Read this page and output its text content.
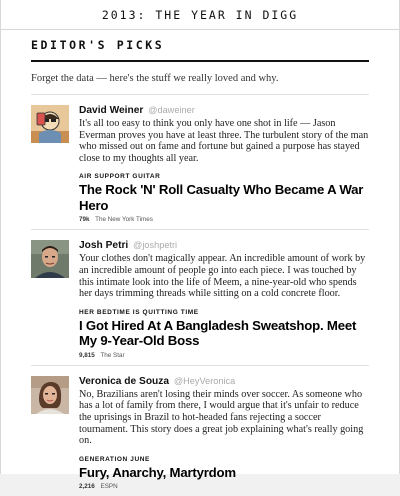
2013: THE YEAR IN DIGG
EDITOR'S PICKS
Forget the data — here's the stuff we really loved and why.
David Weiner @daweiner
It's all too easy to think you only have one shot in life — Jason Everman proves you have at least three. The turbulent story of the man who missed out on fame and fortune but gained a purpose has stayed close to my thoughts all year.
AIR SUPPORT GUITAR
The Rock 'N' Roll Casualty Who Became A War Hero
79k The New York Times
Josh Petri @joshpetri
Your clothes don't magically appear. An incredible amount of work by an incredible amount of people go into each piece. I was touched by this intimate look into the life of Meem, a nine-year-old who spends her days trimming threads while sitting on a cold concrete floor.
HER BEDTIME IS QUITTING TIME
I Got Hired At A Bangladesh Sweatshop. Meet My 9-Year-Old Boss
9,815 The Star
Veronica de Souza @HeyVeronica
No, Brazilians aren't losing their minds over soccer. As someone who has a lot of family from there, I would argue that it's unfair to reduce the uprisings in Brazil to hot-headed fans rejecting a soccer tournament. This story does a great job explaining what's really going on.
GENERATION JUNE
Fury, Anarchy, Martyrdom
2,216 ESPN
